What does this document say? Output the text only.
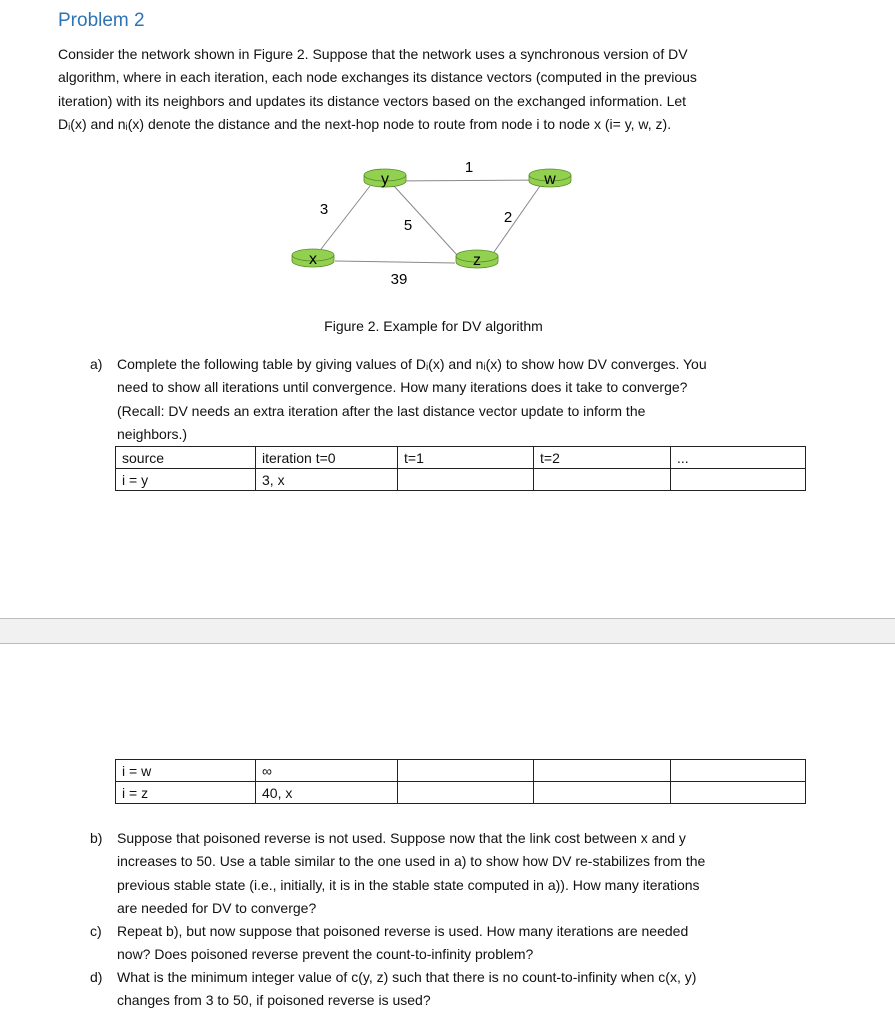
Problem 2
Consider the network shown in Figure 2. Suppose that the network uses a synchronous version of DV
algorithm, where in each iteration, each node exchanges its distance vectors (computed in the previous
iteration) with its neighbors and updates its distance vectors based on the exchanged information. Let
Dᵢ(x) and nᵢ(x) denote the distance and the next-hop node to route from node i to node x (i= y, w, z).
y	w
x	z
1
3
5	2
39
Figure 2. Example for DV algorithm
a) Complete the following table by giving values of Dᵢ(x) and nᵢ(x) to show how DV converges. You
need to show all iterations until convergence. How many iterations does it take to converge?
(Recall: DV needs an extra iteration after the last distance vector update to inform the
neighbors.)
source	iteration t=0	t=1	t=2	...
i = y	3, x			
i = w	∞			
i = z	40, x			
b) Suppose that poisoned reverse is not used. Suppose now that the link cost between x and y
increases to 50. Use a table similar to the one used in a) to show how DV re-stabilizes from the
previous stable state (i.e., initially, it is in the stable state computed in a)). How many iterations
are needed for DV to converge?
c) Repeat b), but now suppose that poisoned reverse is used. How many iterations are needed
now? Does poisoned reverse prevent the count-to-infinity problem?
d) What is the minimum integer value of c(y, z) such that there is no count-to-infinity when c(x, y)
changes from 3 to 50, if poisoned reverse is used?
